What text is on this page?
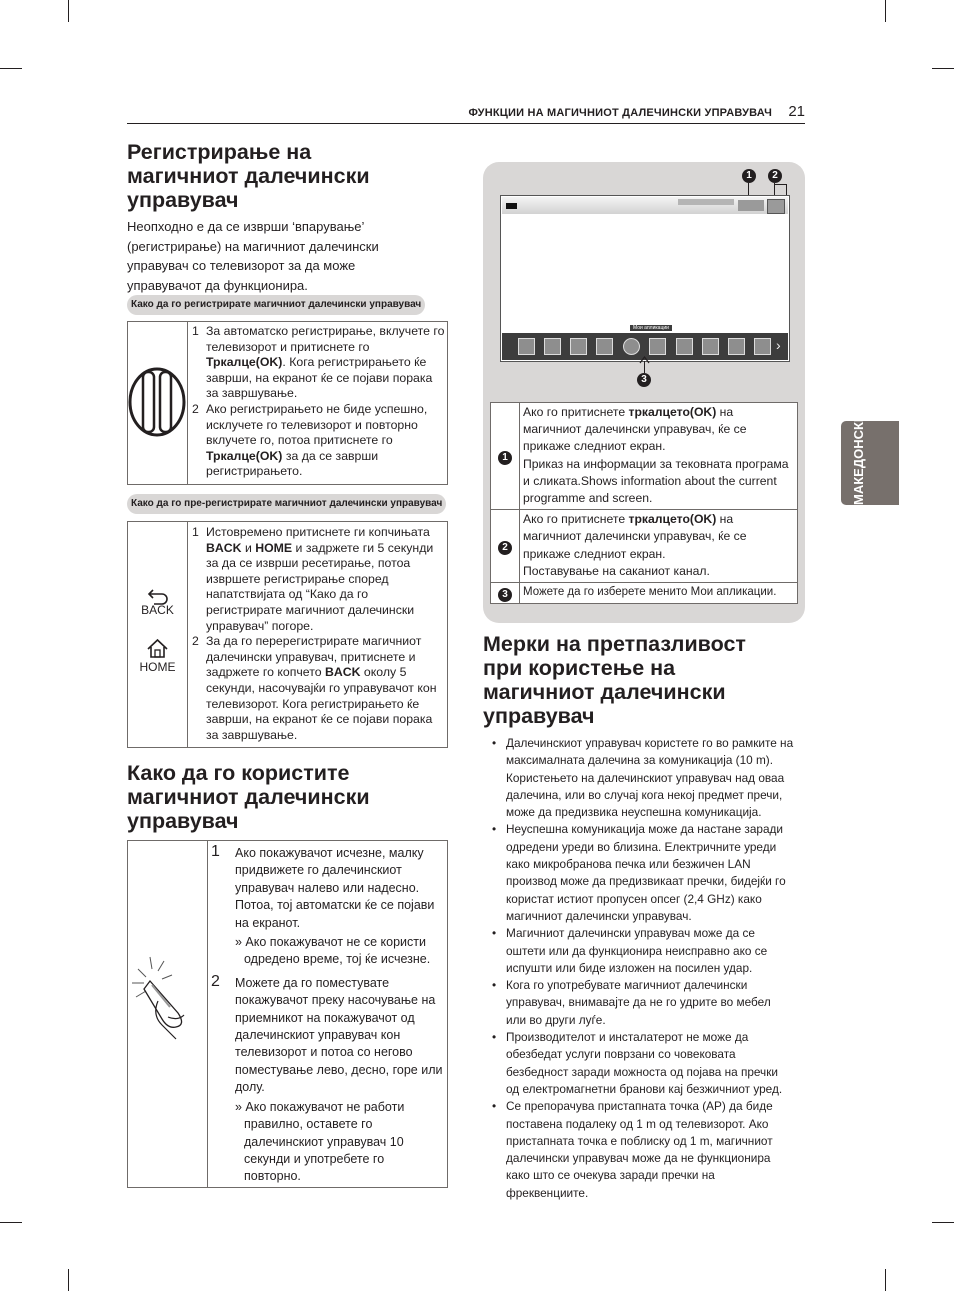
ФУНКЦИИ НА МАГИЧНИОТ ДАЛЕЧИНСКИ УПРАВУВАЧ 21
МАКЕДОНСКИ
Регистрирање на
магичниот далечински
управувач
Неопходно е да се изврши ‘впарување’
(регистрирање) на магичниот далечински
управувач со телевизорот за да може
управувачот да функционира.
Како да го регистрирате магичниот далечински управувач
1 За автоматско регистрирање, вклучете го телевизорот и притиснете го Тркалце(OK). Кога регистрирањето ќе заврши, на екранот ќе се појави порака за завршување.
2 Ако регистрирањето не биде успешно, исклучете го телевизорот и повторно вклучете го, потоа притиснете го Тркалце(OK) за да се заврши регистрирањето.
Како да го пре-регистрирате магичниот далечински управувач
BACK
HOME
1 Истовремено притиснете ги копчињата BACK и HOME и задржете ги 5 секунди за да се изврши ресетирање, потоа извршете регистрирање според напатствијата од “Како да го регистрирате магичниот далечински управувач” погоре.
2 За да го перерегистрирате магичниот далечински управувач, притиснете и задржете го копчето BACK околу 5 секунди, насочувајќи го управувачот кон телевизорот. Кога регистрирањето ќе заврши, на екранот ќе се појави порака за завршување.
Како да го користите
магичниот далечински
управувач
1 Ако покажувачот исчезне, малку придвижете го далечинскиот управувач налево или надесно. Потоа, тој автоматски ќе се појави на екранот.
» Ако покажувачот не се користи одредено време, тој ќе исчезне.
2 Можете да го поместувате покажувачот преку насочување на приемникот на покажувачот од далечинскиот управувач кон телевизорот и потоа со негово поместување лево, десно, горе или долу.
» Ако покажувачот не работи правилно, оставете го далечинскиот управувач 10 секунди и употребете го повторно.
1	2
Мои апликации
›
3
1	Ако го притиснете тркалцето(OK) на магичниот далечински управувач, ќе се прикаже следниот екран.
Приказ на информации за тековната програма и сликата.Shows information about the current programme and screen.

2	Ако го притиснете тркалцето(OK) на магичниот далечински управувач, ќе се прикаже следниот екран.
Поставување на саканиот канал.

3	Можете да го изберете менито Мои апликации.
Мерки на претпазливост
при користење на
магичниот далечински
управувач
• Далечинскиот управувач користете го во рамките на максималната далечина за комуникација (10 m). Користењето на далечинскиот управувач над оваа далечина, или во случај кога некој предмет пречи, може да предизвика неуспешна комуникација.
• Неуспешна комуникација може да настане заради одредени уреди во близина. Електричните уреди како микробранова печка или безжичен LAN производ може да предизвикаат пречки, бидејќи го користат истиот пропусен опсег (2,4 GHz) како магичниот далечински управувач.
• Магичниот далечински управувач може да се оштети или да функционира неисправно ако се испушти или биде изложен на посилен удар.
• Кога го употребувате магичниот далечински управувач, внимавајте да не го удрите во мебел или во други луѓе.
• Производителот и инсталатерот не може да обезбедат услуги поврзани со човековата безбедност заради можноста од појава на пречки од електромагнетни бранови кај безжичниот уред.
• Се препорачува пристапната точка (AP) да биде поставена подалеку од 1 m од телевизорот. Ако пристапната точка е поблиску од 1 m, магичниот далечински управувач може да не функционира како што се очекува заради пречки на фреквенциите.
